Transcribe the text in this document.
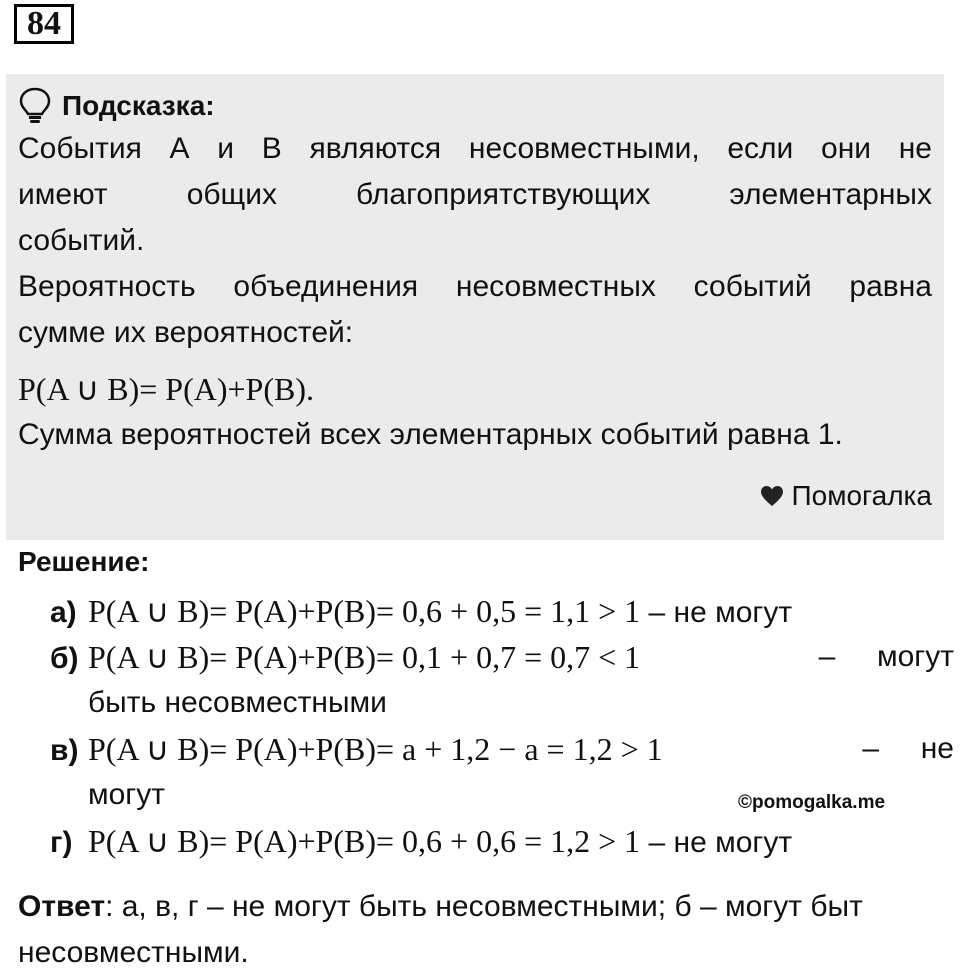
84
Подсказка:

События А и В являются несовместными, если они не

имеют общих благоприятствующих элементарных

событий.

Вероятность объединения несовместных событий равна

сумме их вероятностей:

P(A ∪ B)= P(A)+P(B).

Сумма вероятностей всех элементарных событий равна 1.

Помогалка
Решение:
а) P(A ∪ B)= P(A)+P(B)= 0,6 + 0,5 = 1,1 > 1 – не могут
б) P(A ∪ B)= P(A)+P(B)= 0,1 + 0,7 = 0,7 < 1	–     могут
быть несовместными
в) P(A ∪ B)= P(A)+P(B)= a + 1,2 − a = 1,2 > 1	–     не
могут	©pomogalka.me
г) P(A ∪ B)= P(A)+P(B)= 0,6 + 0,6 = 1,2 > 1 – не могут
Ответ: а, в, г – не могут быть несовместными; б – могут быт
несовместными.
